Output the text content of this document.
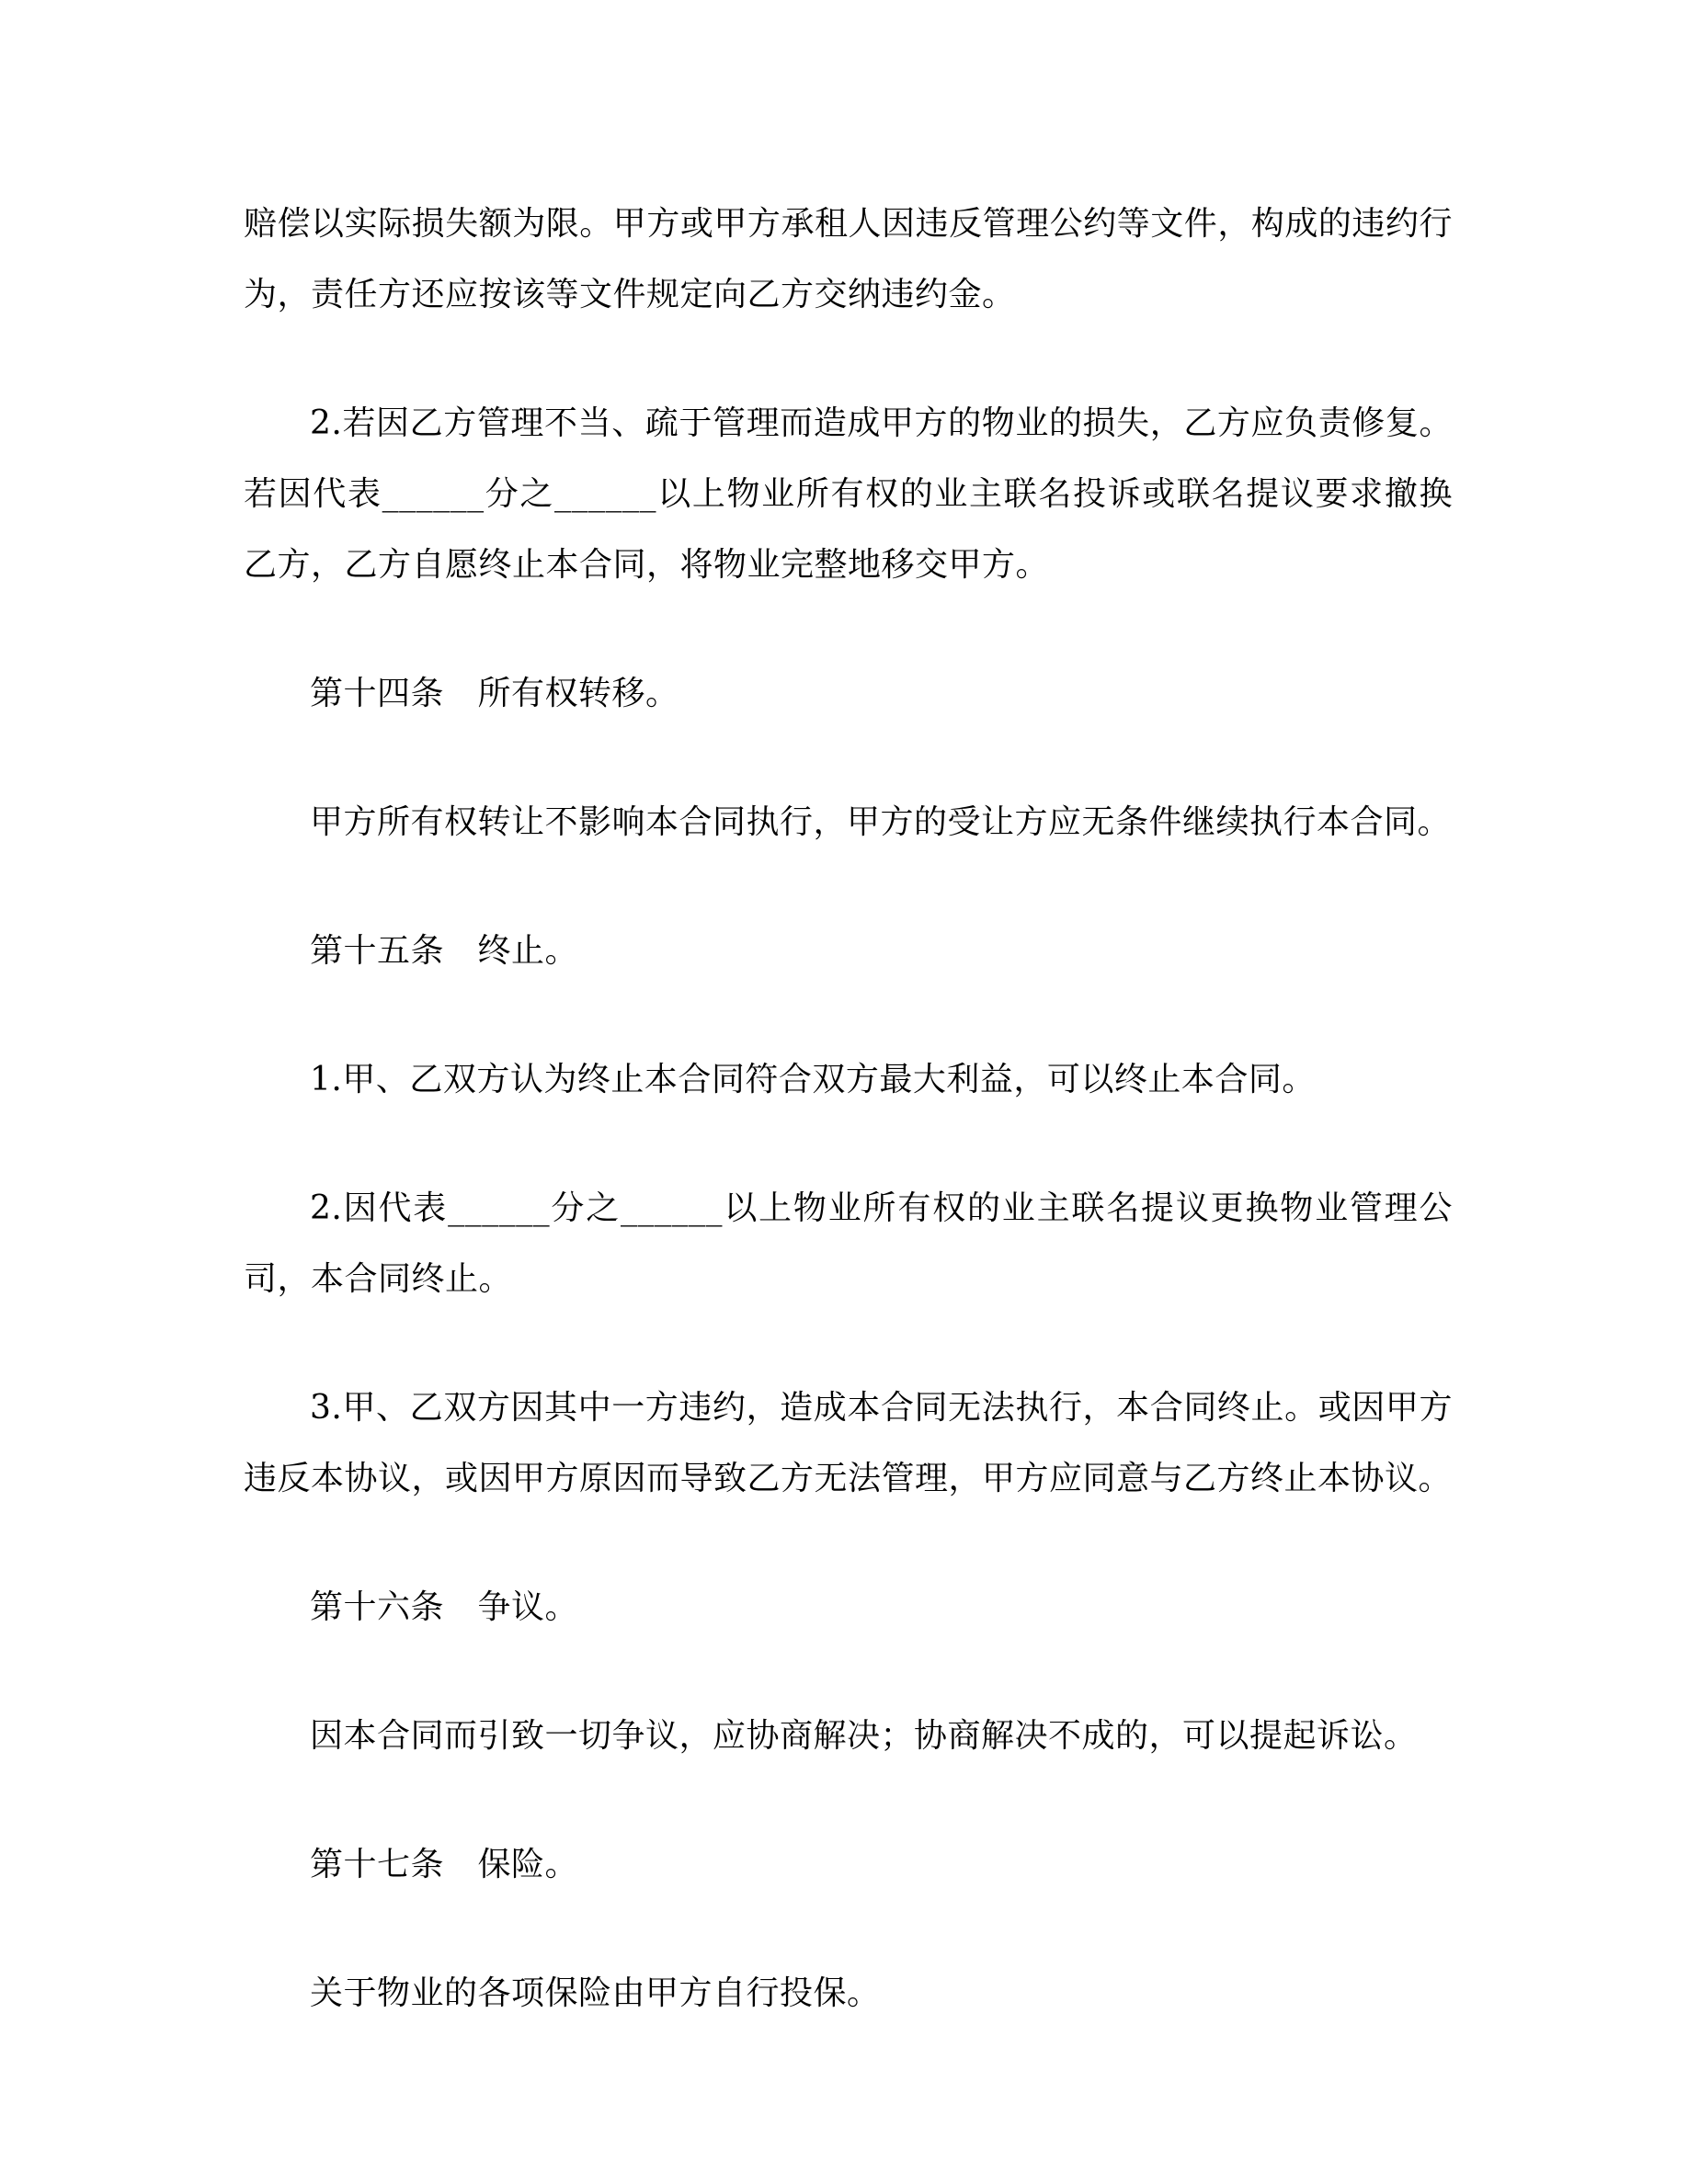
赔偿以实际损失额为限。甲方或甲方承租人因违反管理公约等文件，构成的违约行为，责任方还应按该等文件规定向乙方交纳违约金。

2.若因乙方管理不当、疏于管理而造成甲方的物业的损失，乙方应负责修复。若因代表______分之______以上物业所有权的业主联名投诉或联名提议要求撤换乙方，乙方自愿终止本合同，将物业完整地移交甲方。

第十四条　所有权转移。

甲方所有权转让不影响本合同执行，甲方的受让方应无条件继续执行本合同。

第十五条　终止。

1.甲、乙双方认为终止本合同符合双方最大利益，可以终止本合同。

2.因代表______分之______以上物业所有权的业主联名提议更换物业管理公司，本合同终止。

3.甲、乙双方因其中一方违约，造成本合同无法执行，本合同终止。或因甲方违反本协议，或因甲方原因而导致乙方无法管理，甲方应同意与乙方终止本协议。

第十六条　争议。

因本合同而引致一切争议，应协商解决；协商解决不成的，可以提起诉讼。

第十七条　保险。

关于物业的各项保险由甲方自行投保。
